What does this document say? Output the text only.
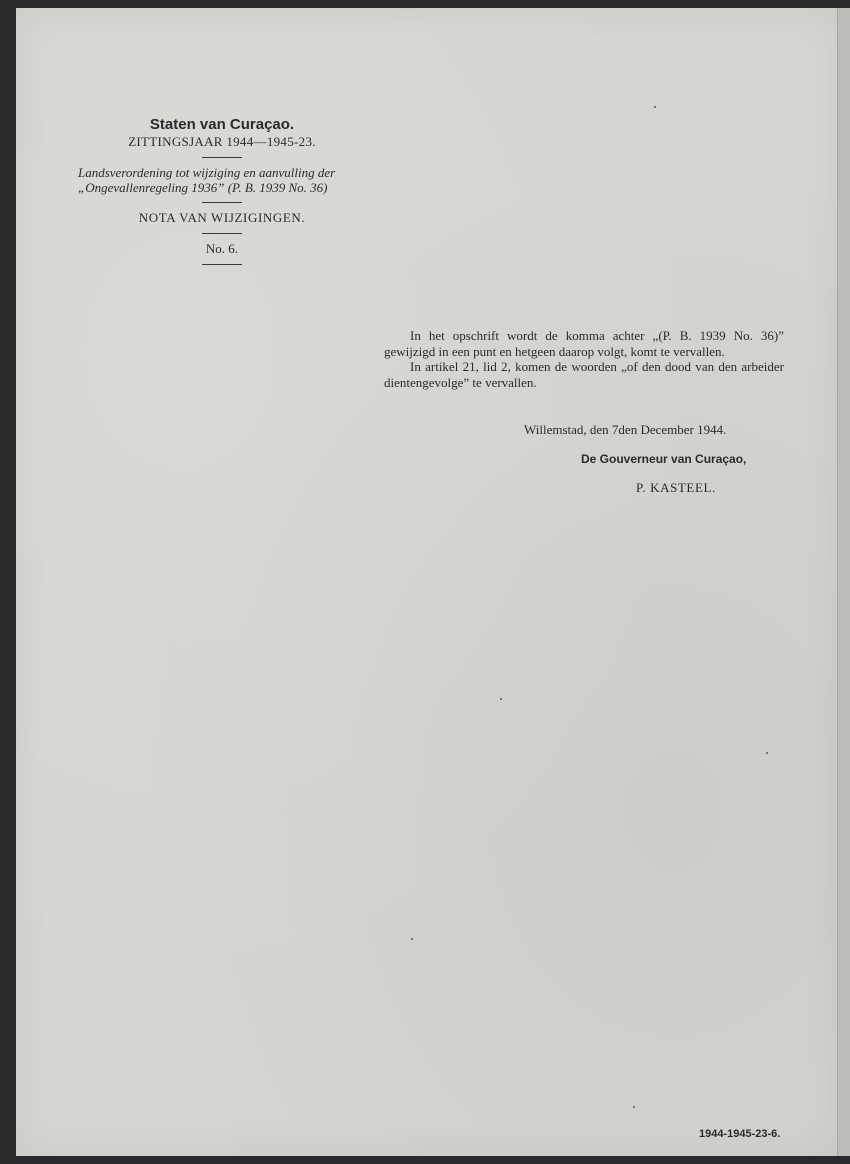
Staten van Curaçao.

ZITTINGSJAAR 1944—1945-23.

Landsverordening tot wijziging en aanvulling der „Ongevallenregeling 1936” (P. B. 1939 No. 36)

NOTA VAN WIJZIGINGEN.

No. 6.

In het opschrift wordt de komma achter „(P. B. 1939 No. 36)” gewijzigd in een punt en hetgeen daarop volgt, komt te vervallen.

In artikel 21, lid 2, komen de woorden „of den dood van den arbeider dientengevolge” te vervallen.

Willemstad, den 7den December 1944.
De Gouverneur van Curaçao,
P. KASTEEL.
1944-1945-23-6.
